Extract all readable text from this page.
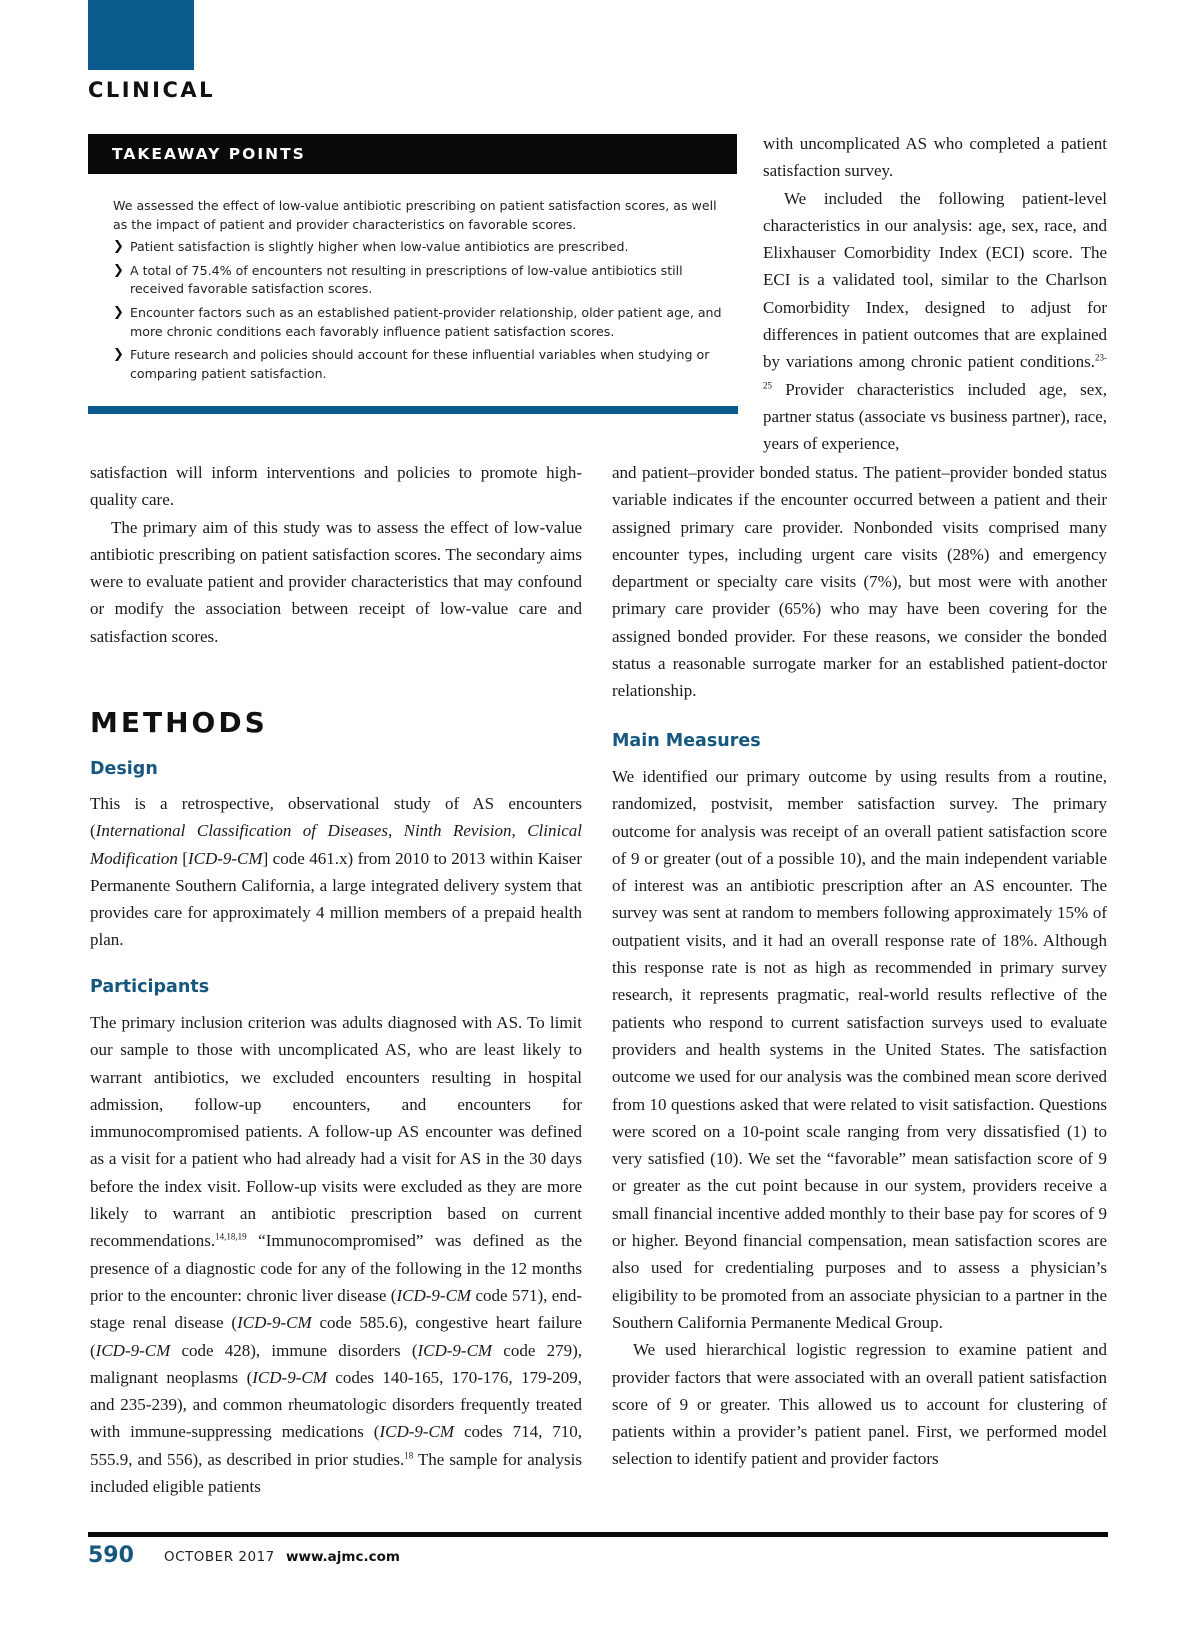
CLINICAL
TAKEAWAY POINTS

We assessed the effect of low-value antibiotic prescribing on patient satisfaction scores, as well as the impact of patient and provider characteristics on favorable scores.

❯ Patient satisfaction is slightly higher when low-value antibiotics are prescribed.
❯ A total of 75.4% of encounters not resulting in prescriptions of low-value antibiotics still received favorable satisfaction scores.
❯ Encounter factors such as an established patient-provider relationship, older patient age, and more chronic conditions each favorably influence patient satisfaction scores.
❯ Future research and policies should account for these influential variables when studying or comparing patient satisfaction.

satisfaction will inform interventions and policies to promote high-quality care.

The primary aim of this study was to assess the effect of low-value antibiotic prescribing on patient satisfaction scores. The secondary aims were to evaluate patient and provider characteristics that may confound or modify the association between receipt of low-value care and satisfaction scores.

METHODS
Design

This is a retrospective, observational study of AS encounters (International Classification of Diseases, Ninth Revision, Clinical Modification [ICD-9-CM] code 461.x) from 2010 to 2013 within Kaiser Permanente Southern California, a large integrated delivery system that provides care for approximately 4 million members of a prepaid health plan.

Participants

The primary inclusion criterion was adults diagnosed with AS. To limit our sample to those with uncomplicated AS, who are least likely to warrant antibiotics, we excluded encounters resulting in hospital admission, follow-up encounters, and encounters for immunocompromised patients. A follow-up AS encounter was defined as a visit for a patient who had already had a visit for AS in the 30 days before the index visit. Follow-up visits were excluded as they are more likely to warrant an antibiotic prescription based on current recommendations.$^{14,18,19}$ “Immunocompromised” was defined as the presence of a diagnostic code for any of the following in the 12 months prior to the encounter: chronic liver disease (ICD-9-CM code 571), end-stage renal disease (ICD-9-CM code 585.6), congestive heart failure (ICD-9-CM code 428), immune disorders (ICD-9-CM code 279), malignant neoplasms (ICD-9-CM codes 140-165, 170-176, 179-209, and 235-239), and common rheumatologic disorders frequently treated with immune-suppressing medications (ICD-9-CM codes 714, 710, 555.9, and 556), as described in prior studies.$^{18}$ The sample for analysis included eligible patients

with uncomplicated AS who completed a patient satisfaction survey.

We included the following patient-level characteristics in our analysis: age, sex, race, and Elixhauser Comorbidity Index (ECI) score. The ECI is a validated tool, similar to the Charlson Comorbidity Index, designed to adjust for differences in patient outcomes that are explained by variations among chronic patient conditions.$^{23-25}$ Provider characteristics included age, sex, partner status (associate vs business partner), race, years of experience,

and patient–provider bonded status. The patient–provider bonded status variable indicates if the encounter occurred between a patient and their assigned primary care provider. Nonbonded visits comprised many encounter types, including urgent care visits (28%) and emergency department or specialty care visits (7%), but most were with another primary care provider (65%) who may have been covering for the assigned bonded provider. For these reasons, we consider the bonded status a reasonable surrogate marker for an established patient-doctor relationship.

Main Measures

We identified our primary outcome by using results from a routine, randomized, postvisit, member satisfaction survey. The primary outcome for analysis was receipt of an overall patient satisfaction score of 9 or greater (out of a possible 10), and the main independent variable of interest was an antibiotic prescription after an AS encounter. The survey was sent at random to members following approximately 15% of outpatient visits, and it had an overall response rate of 18%. Although this response rate is not as high as recommended in primary survey research, it represents pragmatic, real-world results reflective of the patients who respond to current satisfaction surveys used to evaluate providers and health systems in the United States. The satisfaction outcome we used for our analysis was the combined mean score derived from 10 questions asked that were related to visit satisfaction. Questions were scored on a 10-point scale ranging from very dissatisfied (1) to very satisfied (10). We set the “favorable” mean satisfaction score of 9 or greater as the cut point because in our system, providers receive a small financial incentive added monthly to their base pay for scores of 9 or higher. Beyond financial compensation, mean satisfaction scores are also used for credentialing purposes and to assess a physician’s eligibility to be promoted from an associate physician to a partner in the Southern California Permanente Medical Group.

We used hierarchical logistic regression to examine patient and provider factors that were associated with an overall patient satisfaction score of 9 or greater. This allowed us to account for clustering of patients within a provider’s patient panel. First, we performed model selection to identify patient and provider factors

590 OCTOBER 2017 www.ajmc.com
